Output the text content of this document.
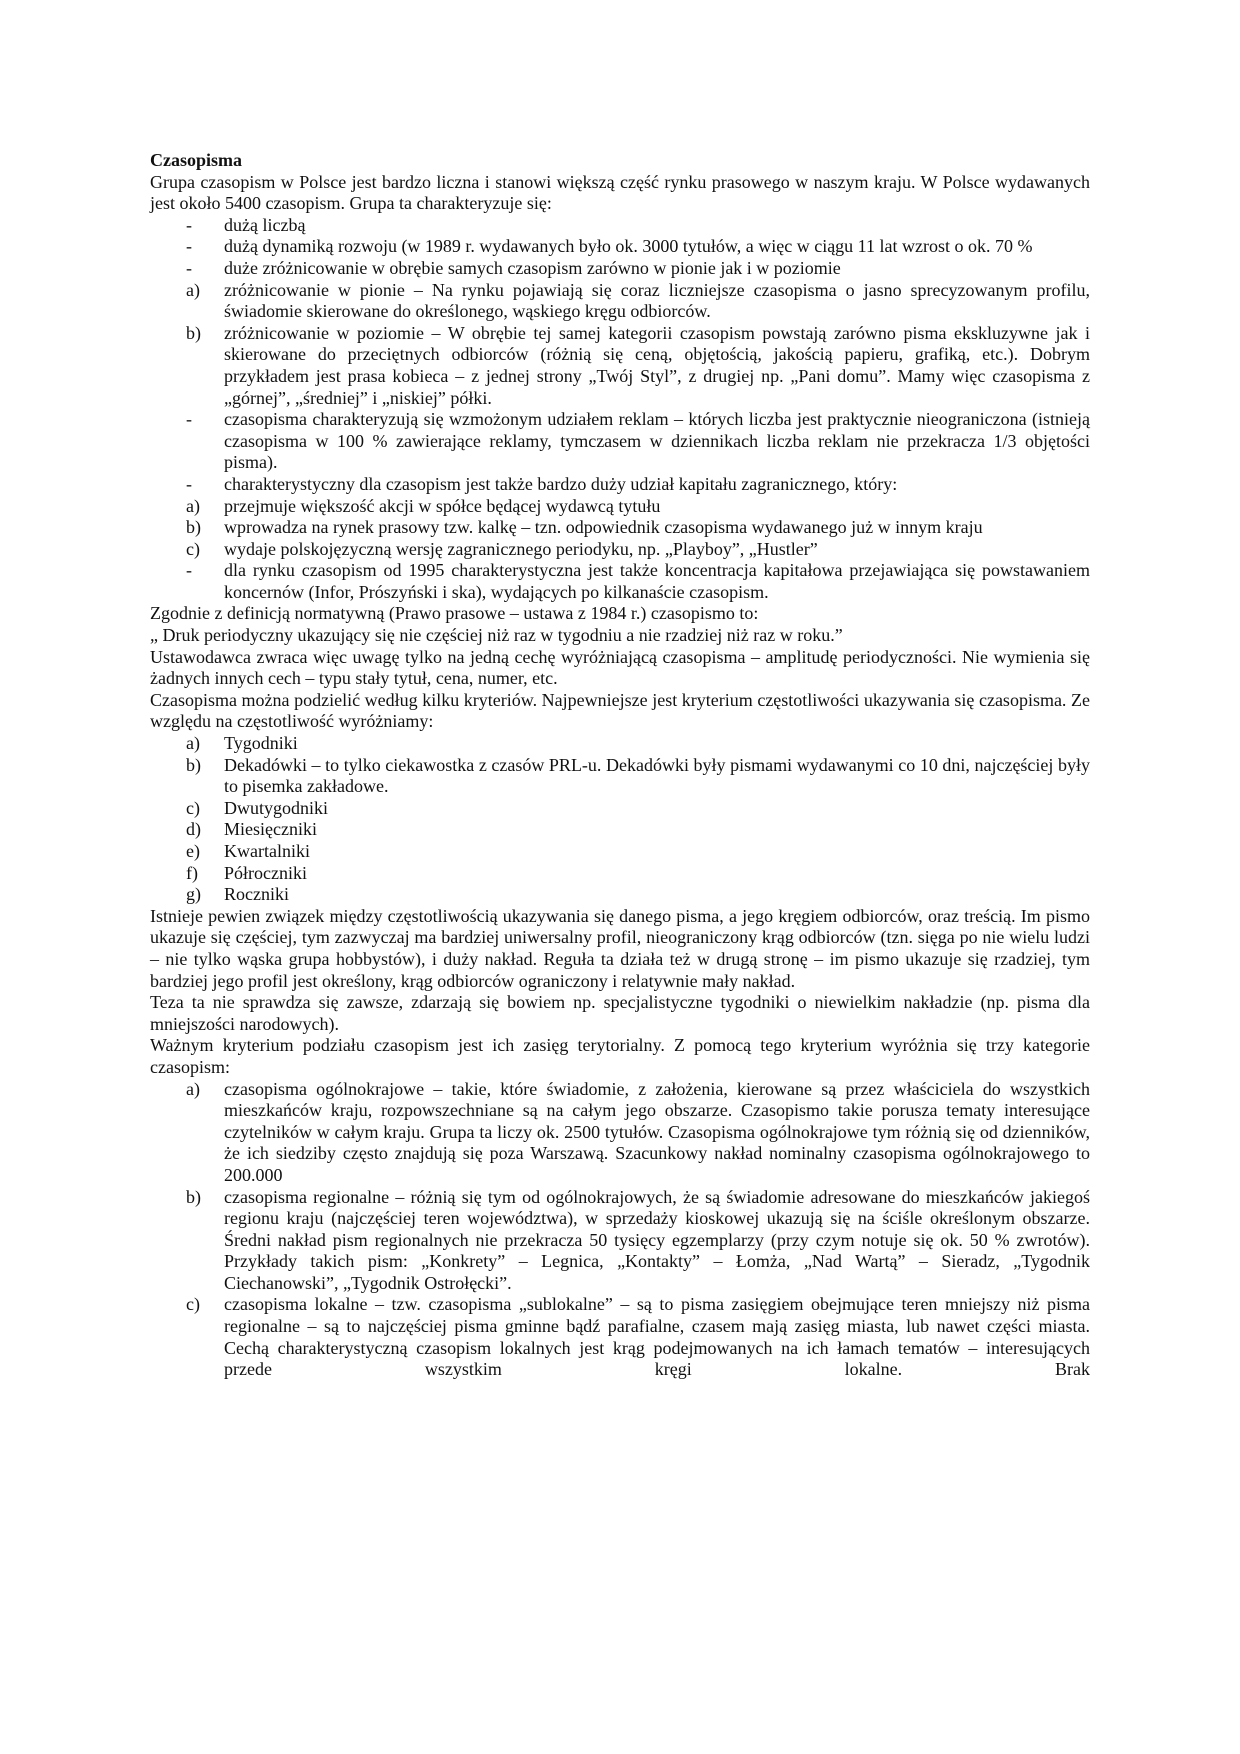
Czasopisma
Grupa czasopism w Polsce jest bardzo liczna i stanowi większą część rynku prasowego w naszym kraju. W Polsce wydawanych jest około 5400 czasopism. Grupa ta charakteryzuje się:
- dużą liczbą
- dużą dynamiką rozwoju (w 1989 r. wydawanych było ok. 3000 tytułów, a więc w ciągu 11 lat wzrost o ok. 70 %
- duże zróżnicowanie w obrębie samych czasopism zarówno w pionie jak i w poziomie
a) zróżnicowanie w pionie – Na rynku pojawiają się coraz liczniejsze czasopisma o jasno sprecyzowanym profilu, świadomie skierowane do określonego, wąskiego kręgu odbiorców.
b) zróżnicowanie w poziomie – W obrębie tej samej kategorii czasopism powstają zarówno pisma ekskluzywne jak i skierowane do przeciętnych odbiorców (różnią się ceną, objętością, jakością papieru, grafiką, etc.). Dobrym przykładem jest prasa kobieca – z jednej strony „Twój Styl”, z drugiej np. „Pani domu”. Mamy więc czasopisma z „górnej”, „średniej” i „niskiej” półki.
- czasopisma charakteryzują się wzmożonym udziałem reklam – których liczba jest praktycznie nieograniczona (istnieją czasopisma w 100 % zawierające reklamy, tymczasem w dziennikach liczba reklam nie przekracza 1/3 objętości pisma).
- charakterystyczny dla czasopism jest także bardzo duży udział kapitału zagranicznego, który:
a) przejmuje większość akcji w spółce będącej wydawcą tytułu
b) wprowadza na rynek prasowy tzw. kalkę – tzn. odpowiednik czasopisma wydawanego już w innym kraju
c) wydaje polskojęzyczną wersję zagranicznego periodyku, np. „Playboy”, „Hustler”
- dla rynku czasopism od 1995 charakterystyczna jest także koncentracja kapitałowa przejawiająca się powstawaniem koncernów (Infor, Prószyński i ska), wydających po kilkanaście czasopism.
Zgodnie z definicją normatywną (Prawo prasowe – ustawa z 1984 r.) czasopismo to:
„ Druk periodyczny ukazujący się nie częściej niż raz w tygodniu a nie rzadziej niż raz w roku.”
Ustawodawca zwraca więc uwagę tylko na jedną cechę wyróżniającą czasopisma – amplitudę periodyczności. Nie wymienia się żadnych innych cech – typu stały tytuł, cena, numer, etc.
Czasopisma można podzielić według kilku kryteriów. Najpewniejsze jest kryterium częstotliwości ukazywania się czasopisma. Ze względu na częstotliwość wyróżniamy:
a) Tygodniki
b) Dekadówki – to tylko ciekawostka z czasów PRL-u. Dekadówki były pismami wydawanymi co 10 dni, najczęściej były to pisemka zakładowe.
c) Dwutygodniki
d) Miesięczniki
e) Kwartalniki
f) Półroczniki
g) Roczniki
Istnieje pewien związek między częstotliwością ukazywania się danego pisma, a jego kręgiem odbiorców, oraz treścią. Im pismo ukazuje się częściej, tym zazwyczaj ma bardziej uniwersalny profil, nieograniczony krąg odbiorców (tzn. sięga po nie wielu ludzi – nie tylko wąska grupa hobbystów), i duży nakład. Reguła ta działa też w drugą stronę – im pismo ukazuje się rzadziej, tym bardziej jego profil jest określony, krąg odbiorców ograniczony i relatywnie mały nakład.
Teza ta nie sprawdza się zawsze, zdarzają się bowiem np. specjalistyczne tygodniki o niewielkim nakładzie (np. pisma dla mniejszości narodowych).
Ważnym kryterium podziału czasopism jest ich zasięg terytorialny. Z pomocą tego kryterium wyróżnia się trzy kategorie czasopism:
a) czasopisma ogólnokrajowe – takie, które świadomie, z założenia, kierowane są przez właściciela do wszystkich mieszkańców kraju, rozpowszechniane są na całym jego obszarze. Czasopismo takie porusza tematy interesujące czytelników w całym kraju. Grupa ta liczy ok. 2500 tytułów. Czasopisma ogólnokrajowe tym różnią się od dzienników, że ich siedziby często znajdują się poza Warszawą. Szacunkowy nakład nominalny czasopisma ogólnokrajowego to 200.000
b) czasopisma regionalne – różnią się tym od ogólnokrajowych, że są świadomie adresowane do mieszkańców jakiegoś regionu kraju (najczęściej teren województwa), w sprzedaży kioskowej ukazują się na ściśle określonym obszarze. Średni nakład pism regionalnych nie przekracza 50 tysięcy egzemplarzy (przy czym notuje się ok. 50 % zwrotów). Przykłady takich pism: „Konkrety” – Legnica, „Kontakty” – Łomża, „Nad Wartą” – Sieradz, „Tygodnik Ciechanowski”, „Tygodnik Ostrołęcki”.
c) czasopisma lokalne – tzw. czasopisma „sublokalne” – są to pisma zasięgiem obejmujące teren mniejszy niż pisma regionalne – są to najczęściej pisma gminne bądź parafialne, czasem mają zasięg miasta, lub nawet części miasta. Cechą charakterystyczną czasopism lokalnych jest krąg podejmowanych na ich łamach tematów – interesujących przede wszystkim kręgi lokalne. Brak
